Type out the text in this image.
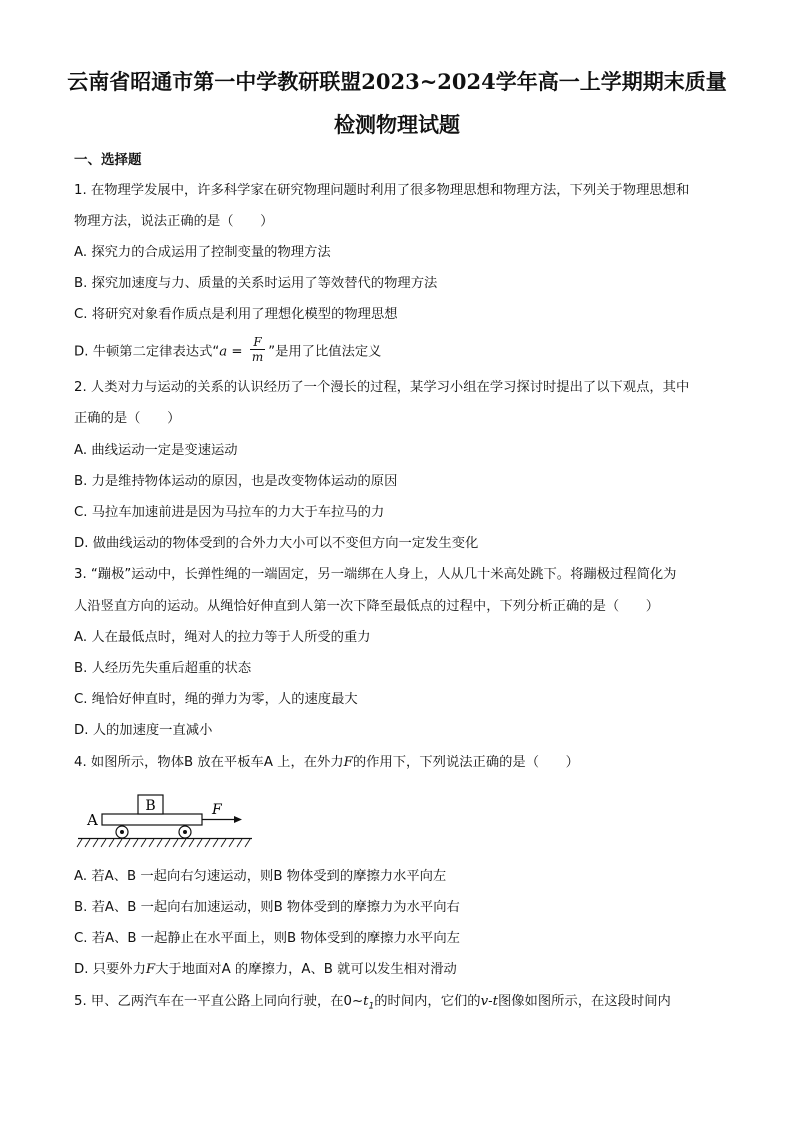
云南省昭通市第一中学教研联盟2023~2024学年高一上学期期末质量
检测物理试题
一、选择题
1. 在物理学发展中，许多科学家在研究物理问题时利用了很多物理思想和物理方法，下列关于物理思想和
物理方法，说法正确的是（　　）
A. 探究力的合成运用了控制变量的物理方法
B. 探究加速度与力、质量的关系时运用了等效替代的物理方法
C. 将研究对象看作质点是利用了理想化模型的物理思想
D. 牛顿第二定律表达式“$a = \frac{F}{m}$ ”是用了比值法定义
2. 人类对力与运动的关系的认识经历了一个漫长的过程，某学习小组在学习探讨时提出了以下观点，其中
正确的是（　　）
A. 曲线运动一定是变速运动
B. 力是维持物体运动的原因，也是改变物体运动的原因
C. 马拉车加速前进是因为马拉车的力大于车拉马的力
D. 做曲线运动的物体受到的合外力大小可以不变但方向一定发生变化
3. “蹦极”运动中，长弹性绳的一端固定，另一端绑在人身上，人从几十米高处跳下。将蹦极过程简化为
人沿竖直方向的运动。从绳恰好伸直到人第一次下降至最低点的过程中，下列分析正确的是（　　）
A. 人在最低点时，绳对人的拉力等于人所受的重力
B. 人经历先失重后超重的状态
C. 绳恰好伸直时，绳的弹力为零，人的速度最大
D. 人的加速度一直减小
4. 如图所示，物体B 放在平板车A 上，在外力F的作用下，下列说法正确的是（　　）
B
A
F
A. 若A、B 一起向右匀速运动，则B 物体受到的摩擦力水平向左
B. 若A、B 一起向右加速运动，则B 物体受到的摩擦力为水平向右
C. 若A、B 一起静止在水平面上，则B 物体受到的摩擦力水平向左
D. 只要外力F大于地面对A 的摩擦力，A、B 就可以发生相对滑动
5. 甲、乙两汽车在一平直公路上同向行驶，在$0\sim t_1$的时间内，它们的v-t图像如图所示，在这段时间内
